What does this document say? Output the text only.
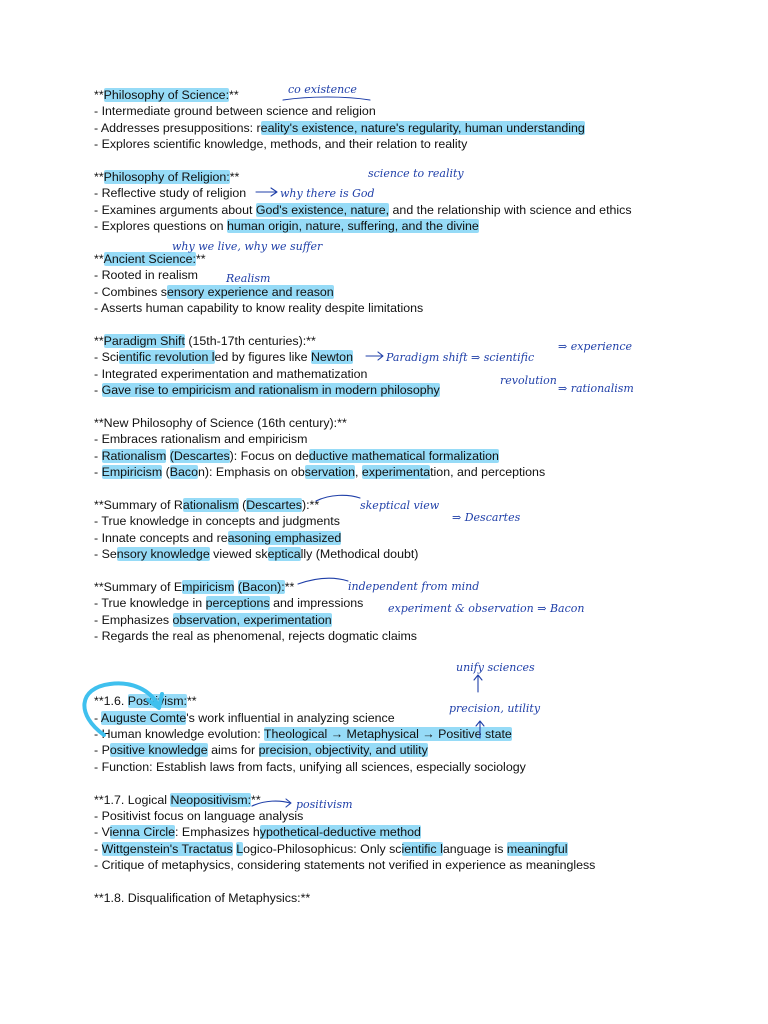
**Philosophy of Science:**
- Intermediate ground between science and religion
- Addresses presuppositions: reality's existence, nature's regularity, human understanding
- Explores scientific knowledge, methods, and their relation to reality
**Philosophy of Religion:**
- Reflective study of religion
- Examines arguments about God's existence, nature, and the relationship with science and ethics
- Explores questions on human origin, nature, suffering, and the divine
**Ancient Science:**
- Rooted in realism
- Combines sensory experience and reason
- Asserts human capability to know reality despite limitations
**Paradigm Shift (15th-17th centuries):**
- Scientific revolution led by figures like Newton
- Integrated experimentation and mathematization
- Gave rise to empiricism and rationalism in modern philosophy
**New Philosophy of Science (16th century):**
- Embraces rationalism and empiricism
- Rationalism (Descartes): Focus on deductive mathematical formalization
- Empiricism (Bacon): Emphasis on observation, experimentation, and perceptions
**Summary of Rationalism (Descartes):**
- True knowledge in concepts and judgments
- Innate concepts and reasoning emphasized
- Sensory knowledge viewed skeptically (Methodical doubt)
**Summary of Empiricism (Bacon):**
- True knowledge in perceptions and impressions
- Emphasizes observation, experimentation
- Regards the real as phenomenal, rejects dogmatic claims
**1.6. Positivism:**
- Auguste Comte's work influential in analyzing science
- Human knowledge evolution: Theological → Metaphysical → Positive state
- Positive knowledge aims for precision, objectivity, and utility
- Function: Establish laws from facts, unifying all sciences, especially sociology
**1.7. Logical Neopositivism:**
- Positivist focus on language analysis
- Vienna Circle: Emphasizes hypothetical-deductive method
- Wittgenstein's Tractatus Logico-Philosophicus: Only scientific language is meaningful
- Critique of metaphysics, considering statements not verified in experience as meaningless
**1.8. Disqualification of Metaphysics:**
co existence
science to reality
why there is God
why we live, why we suffer
Realism
Paradigm shift ⇒ scientific
revolution
⇒ experience
⇒ rationalism
skeptical view
⇒ Descartes
independent from mind
experiment & observation ⇒ Bacon
unify sciences
precision, utility
positivism
